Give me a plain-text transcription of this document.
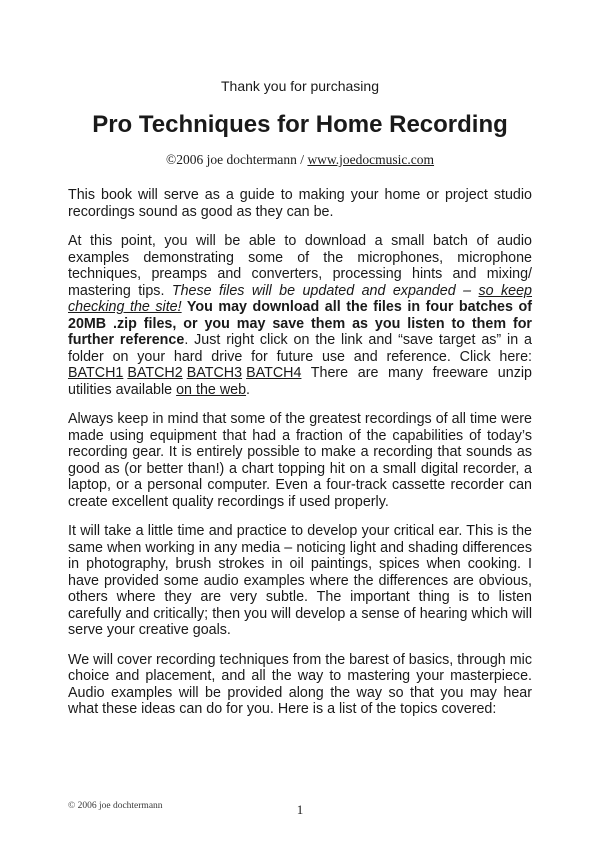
Thank you for purchasing

Pro Techniques for Home Recording

©2006 joe dochtermann / www.joedocmusic.com

This book will serve as a guide to making your home or project studio recordings sound as good as they can be.

At this point, you will be able to download a small batch of audio examples demonstrating some of the microphones, microphone techniques, preamps and converters, processing hints and mixing/​mastering tips. These files will be updated and expanded – so keep checking the site! You may download all the files in four batches of 20MB .zip files, or you may save them as you listen to them for further reference. Just right click on the link and “save target as” in a folder on your hard drive for future use and reference. Click here: BATCH1 BATCH2 BATCH3 BATCH4 There are many freeware unzip utilities available on the web.

Always keep in mind that some of the greatest recordings of all time were made using equipment that had a fraction of the capabilities of today’s recording gear. It is entirely possible to make a recording that sounds as good as (or better than!) a chart topping hit on a small digital recorder, a laptop, or a personal computer. Even a four-track cassette recorder can create excellent quality recordings if used properly.

It will take a little time and practice to develop your critical ear. This is the same when working in any media – noticing light and shading differences in photography, brush strokes in oil paintings, spices when cooking. I have provided some audio examples where the differences are obvious, others where they are very subtle. The important thing is to listen carefully and critically; then you will develop a sense of hearing which will serve your creative goals.

We will cover recording techniques from the barest of basics, through mic choice and placement, and all the way to mastering your masterpiece. Audio examples will be provided along the way so that you may hear what these ideas can do for you. Here is a list of the topics covered:

© 2006 joe dochtermann	1
